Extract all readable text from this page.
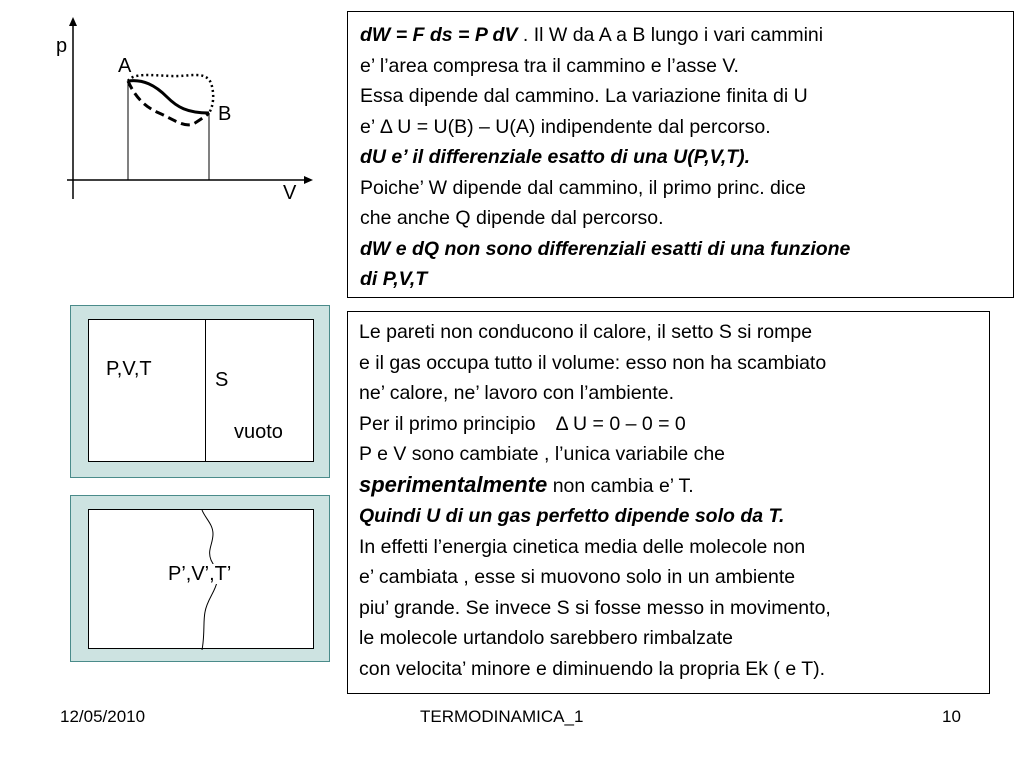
p
V
A
B
dW = F ds = P dV . Il W da A a B lungo i vari cammini
e’ l’area compresa tra il cammino e l’asse V.
Essa dipende dal cammino. La variazione finita di U
e’ Δ U = U(B) – U(A) indipendente dal percorso.
dU e’ il differenziale esatto di una U(P,V,T).
Poiche’ W dipende dal cammino, il primo princ. dice
che anche Q dipende dal percorso.
dW e dQ non sono differenziali esatti di una funzione
di P,V,T
P,V,T	S
vuoto
P’,V’,T’
Le pareti non conducono il calore, il setto S si rompe
e il gas occupa tutto il volume: esso non ha scambiato
ne’ calore, ne’ lavoro con l’ambiente.
Per il primo principio Δ U = 0 – 0 = 0
P e V sono cambiate , l’unica variabile che
sperimentalmente non cambia e’ T.
Quindi U di un gas perfetto dipende solo da T.
In effetti l’energia cinetica media delle molecole non
e’ cambiata , esse si muovono solo in un ambiente
piu’ grande. Se invece S si fosse messo in movimento,
le molecole urtandolo sarebbero rimbalzate
con velocita’ minore e diminuendo la propria Ek ( e T).
12/05/2010	TERMODINAMICA_1	10
